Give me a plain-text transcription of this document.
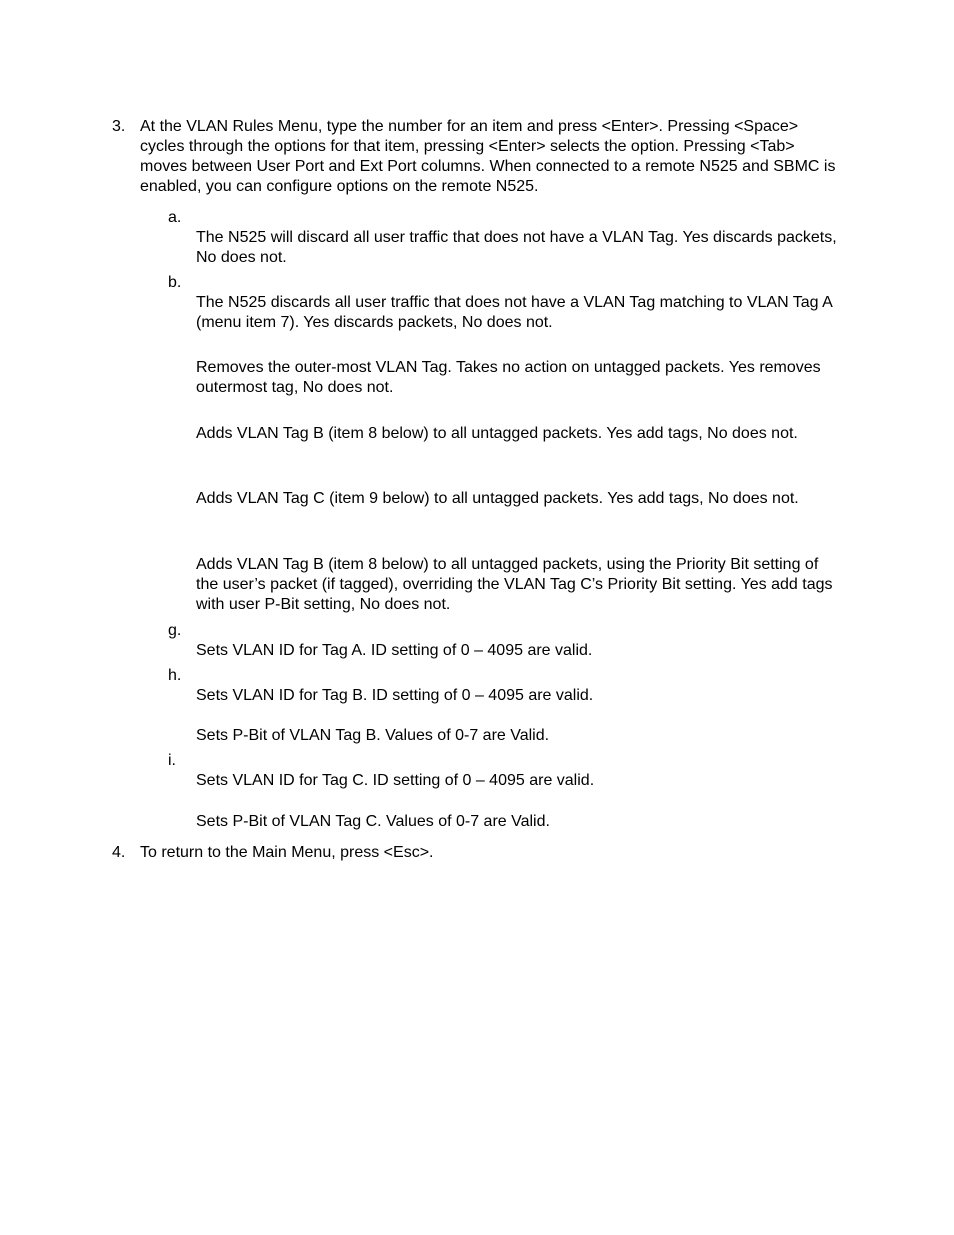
3. At the VLAN Rules Menu, type the number for an item and press <Enter>. Pressing <Space> cycles through the options for that item, pressing <Enter> selects the option. Pressing <Tab> moves between User Port and Ext Port columns. When connected to a remote N525 and SBMC is enabled, you can configure options on the remote N525.
a.
The N525 will discard all user traffic that does not have a VLAN Tag. Yes discards packets, No does not.
b.
The N525 discards all user traffic that does not have a VLAN Tag matching to VLAN Tag A (menu item 7). Yes discards packets, No does not.
Removes the outer-most VLAN Tag. Takes no action on untagged packets. Yes removes outermost tag, No does not.
Adds VLAN Tag B (item 8 below) to all untagged packets. Yes add tags, No does not.
Adds VLAN Tag C (item 9 below) to all untagged packets. Yes add tags, No does not.
Adds VLAN Tag B (item 8 below) to all untagged packets, using the Priority Bit setting of the user’s packet (if tagged), overriding the VLAN Tag C’s Priority Bit setting. Yes add tags with user P-Bit setting, No does not.
g.
Sets VLAN ID for Tag A. ID setting of 0 – 4095 are valid.
h.
Sets VLAN ID for Tag B. ID setting of 0 – 4095 are valid.
Sets P-Bit of VLAN Tag B. Values of 0-7 are Valid.
i.
Sets VLAN ID for Tag C. ID setting of 0 – 4095 are valid.
Sets P-Bit of VLAN Tag C. Values of 0-7 are Valid.
4. To return to the Main Menu, press <Esc>.
